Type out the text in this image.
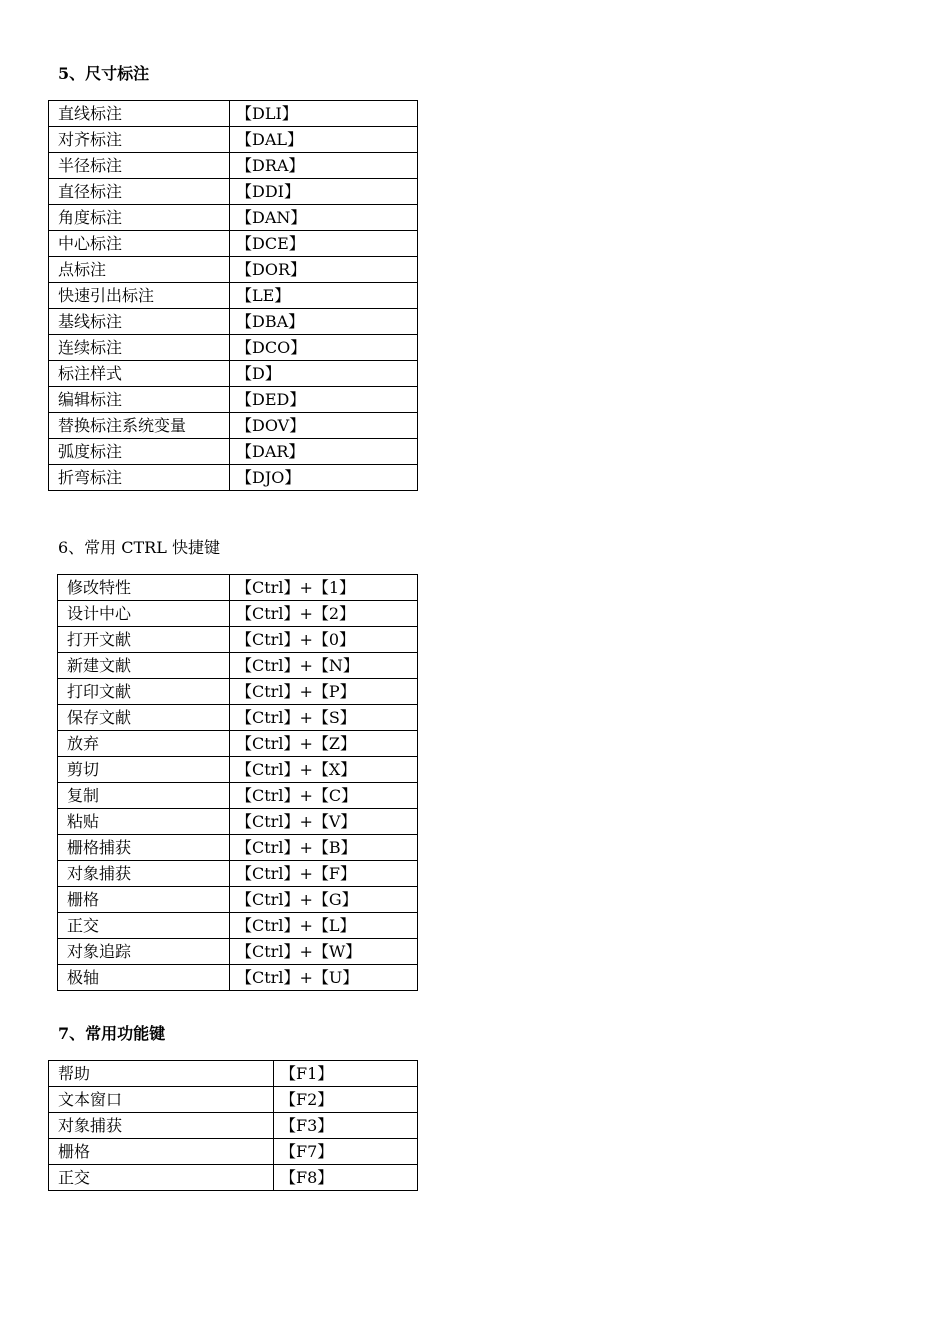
5、尺寸标注
直线标注	【DLI】
对齐标注	【DAL】
半径标注	【DRA】
直径标注	【DDI】
角度标注	【DAN】
中心标注	【DCE】
点标注	【DOR】
快速引出标注	【LE】
基线标注	【DBA】
连续标注	【DCO】
标注样式	【D】
编辑标注	【DED】
替换标注系统变量	【DOV】
弧度标注	【DAR】
折弯标注	【DJO】
6、常用 CTRL 快捷键
修改特性	【Ctrl】+【1】
设计中心	【Ctrl】+【2】
打开文献	【Ctrl】+【0】
新建文献	【Ctrl】+【N】
打印文献	【Ctrl】+【P】
保存文献	【Ctrl】+【S】
放弃	【Ctrl】+【Z】
剪切	【Ctrl】+【X】
复制	【Ctrl】+【C】
粘贴	【Ctrl】+【V】
栅格捕获	【Ctrl】+【B】
对象捕获	【Ctrl】+【F】
栅格	【Ctrl】+【G】
正交	【Ctrl】+【L】
对象追踪	【Ctrl】+【W】
极轴	【Ctrl】+【U】
7、常用功能键
帮助	【F1】
文本窗口	【F2】
对象捕获	【F3】
栅格	【F7】
正交	【F8】
